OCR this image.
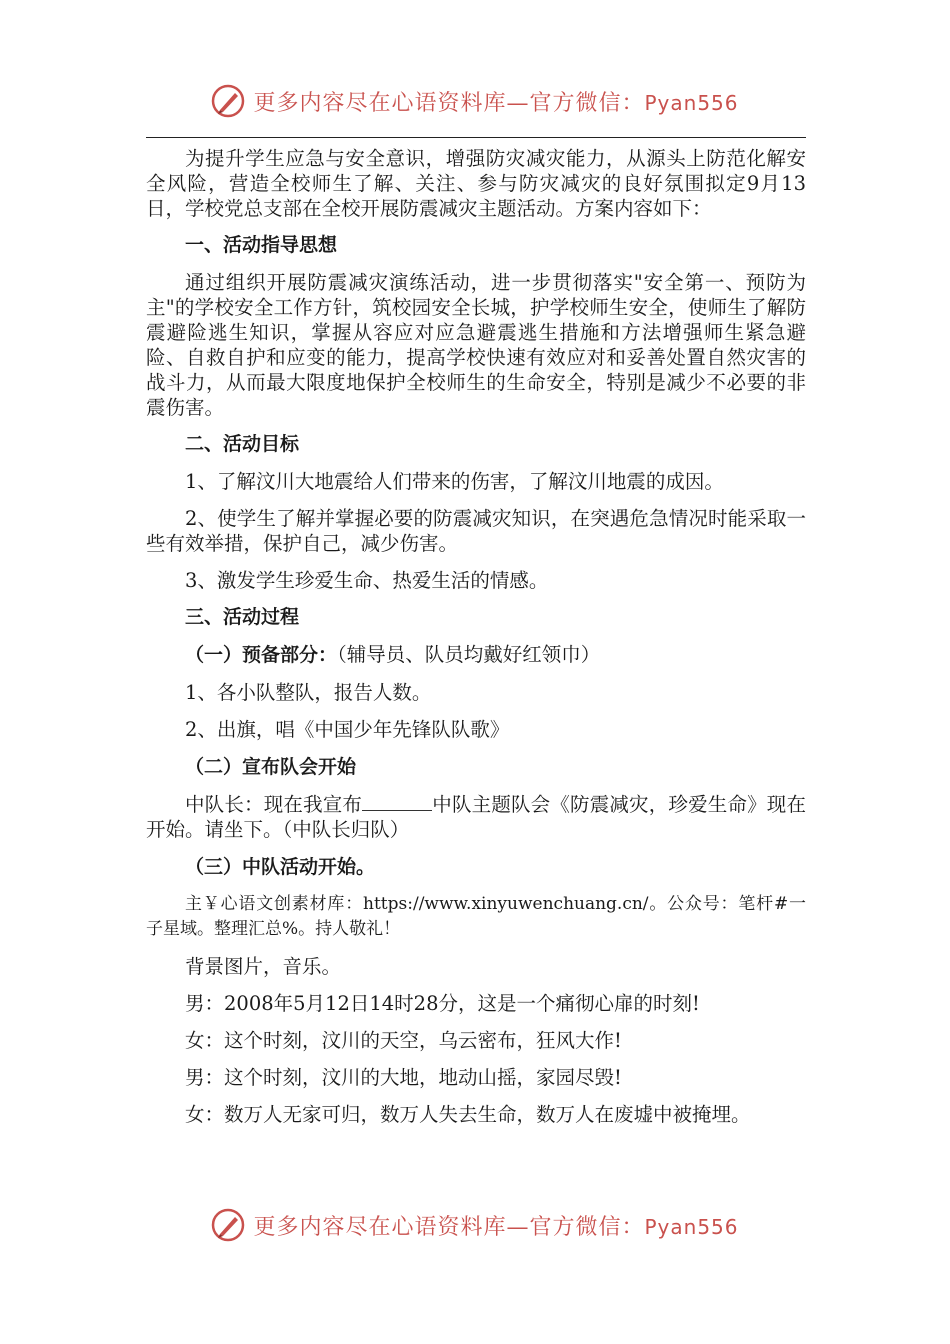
更多内容尽在心语资料库—官方微信：Pyan556

为提升学生应急与安全意识，增强防灾减灾能力，从源头上防范化解安全风险，营造全校师生了解、关注、参与防灾减灾的良好氛围拟定9月13日，学校党总支部在全校开展防震减灾主题活动。方案内容如下：

一、活动指导思想

通过组织开展防震减灾演练活动，进一步贯彻落实"安全第一、预防为主"的学校安全工作方针，筑校园安全长城，护学校师生安全，使师生了解防震避险逃生知识，掌握从容应对应急避震逃生措施和方法增强师生紧急避险、自救自护和应变的能力，提高学校快速有效应对和妥善处置自然灾害的战斗力，从而最大限度地保护全校师生的生命安全，特别是减少不必要的非震伤害。

二、活动目标

1、了解汶川大地震给人们带来的伤害，了解汶川地震的成因。

2、使学生了解并掌握必要的防震减灾知识，在突遇危急情况时能采取一些有效举措，保护自己，减少伤害。

3、激发学生珍爱生命、热爱生活的情感。

三、活动过程

（一）预备部分：（辅导员、队员均戴好红领巾）

1、各小队整队，报告人数。

2、出旗，唱《中国少年先锋队队歌》

（二）宣布队会开始

中队长：现在我宣布	中队主题队会《防震减灾，珍爱生命》现在开始。请坐下。（中队长归队）

（三）中队活动开始。

主￥心语文创素材库：https://www.xinyuwenchuang.cn/。公众号：笔杆#一子星域。整理汇总%。持人敬礼！

背景图片，音乐。

男：2008年5月12日14时28分，这是一个痛彻心扉的时刻!

女：这个时刻，汶川的天空，乌云密布，狂风大作!

男：这个时刻，汶川的大地，地动山摇，家园尽毁!

女：数万人无家可归，数万人失去生命，数万人在废墟中被掩埋。

更多内容尽在心语资料库—官方微信：Pyan556
